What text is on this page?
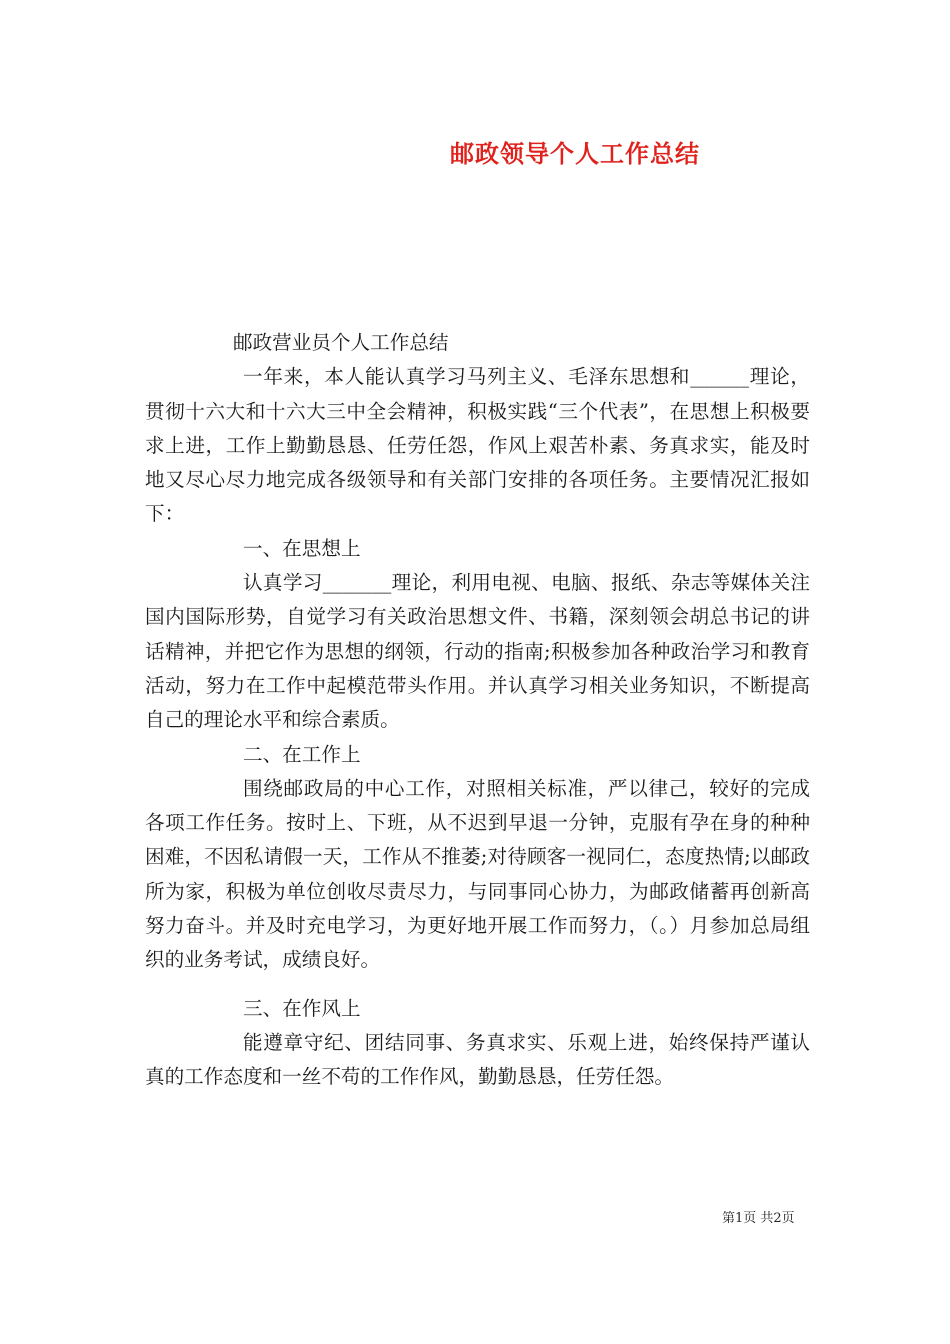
邮政领导个人工作总结

邮政营业员个人工作总结

一年来，本人能认真学习马列主义、毛泽东思想和______理论，贯彻十六大和十六大三中全会精神，积极实践“三个代表”，在思想上积极要求上进，工作上勤勤恳恳、任劳任怨，作风上艰苦朴素、务真求实，能及时地又尽心尽力地完成各级领导和有关部门安排的各项任务。主要情况汇报如下：

一、在思想上

认真学习_______理论，利用电视、电脑、报纸、杂志等媒体关注国内国际形势，自觉学习有关政治思想文件、书籍，深刻领会胡总书记的讲话精神，并把它作为思想的纲领，行动的指南;积极参加各种政治学习和教育活动，努力在工作中起模范带头作用。并认真学习相关业务知识，不断提高自己的理论水平和综合素质。

二、在工作上

围绕邮政局的中心工作，对照相关标准，严以律己，较好的完成各项工作任务。按时上、下班，从不迟到早退一分钟，克服有孕在身的种种困难，不因私请假一天，工作从不推萎;对待顾客一视同仁，态度热情;以邮政所为家，积极为单位创收尽责尽力，与同事同心协力，为邮政储蓄再创新高努力奋斗。并及时充电学习，为更好地开展工作而努力，（。）月参加总局组织的业务考试，成绩良好。

三、在作风上

能遵章守纪、团结同事、务真求实、乐观上进，始终保持严谨认真的工作态度和一丝不苟的工作作风，勤勤恳恳，任劳任怨。

第1页 共2页
